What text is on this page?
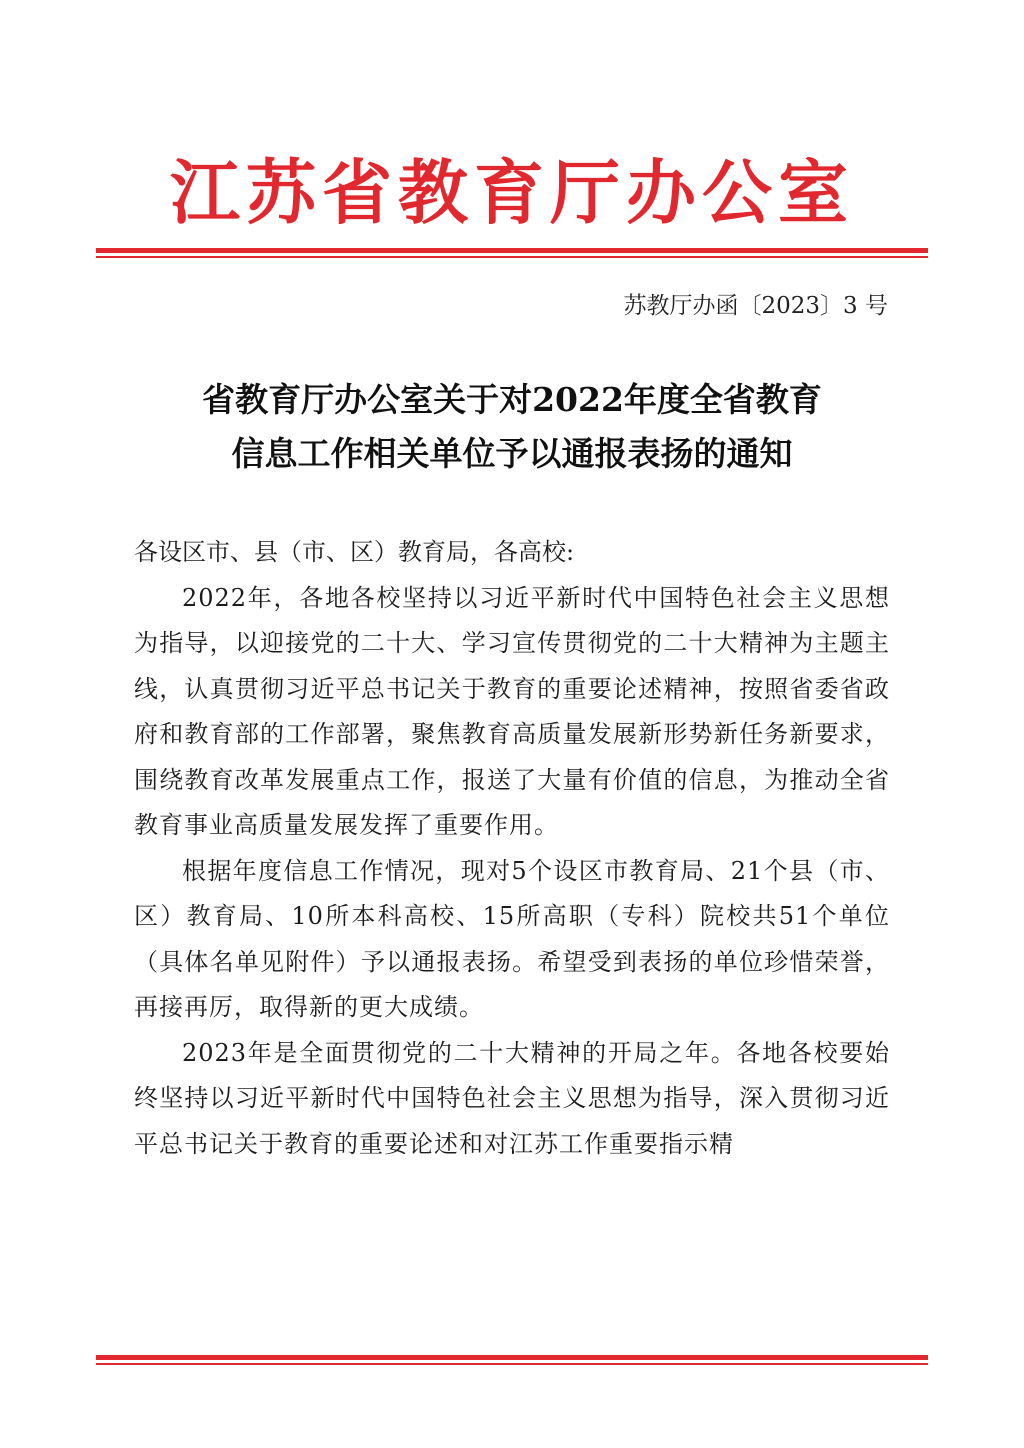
江苏省教育厅办公室
苏教厅办函〔2023〕3 号
省教育厅办公室关于对2022年度全省教育
信息工作相关单位予以通报表扬的通知

各设区市、县（市、区）教育局，各高校:

2022年，各地各校坚持以习近平新时代中国特色社会主义思想为指导，以迎接党的二十大、学习宣传贯彻党的二十大精神为主题主线，认真贯彻习近平总书记关于教育的重要论述精神，按照省委省政府和教育部的工作部署，聚焦教育高质量发展新形势新任务新要求，围绕教育改革发展重点工作，报送了大量有价值的信息，为推动全省教育事业高质量发展发挥了重要作用。

根据年度信息工作情况，现对5个设区市教育局、21个县（市、区）教育局、10所本科高校、15所高职（专科）院校共51个单位（具体名单见附件）予以通报表扬。希望受到表扬的单位珍惜荣誉，再接再厉，取得新的更大成绩。

2023年是全面贯彻党的二十大精神的开局之年。各地各校要始终坚持以习近平新时代中国特色社会主义思想为指导，深入贯彻习近平总书记关于教育的重要论述和对江苏工作重要指示精
